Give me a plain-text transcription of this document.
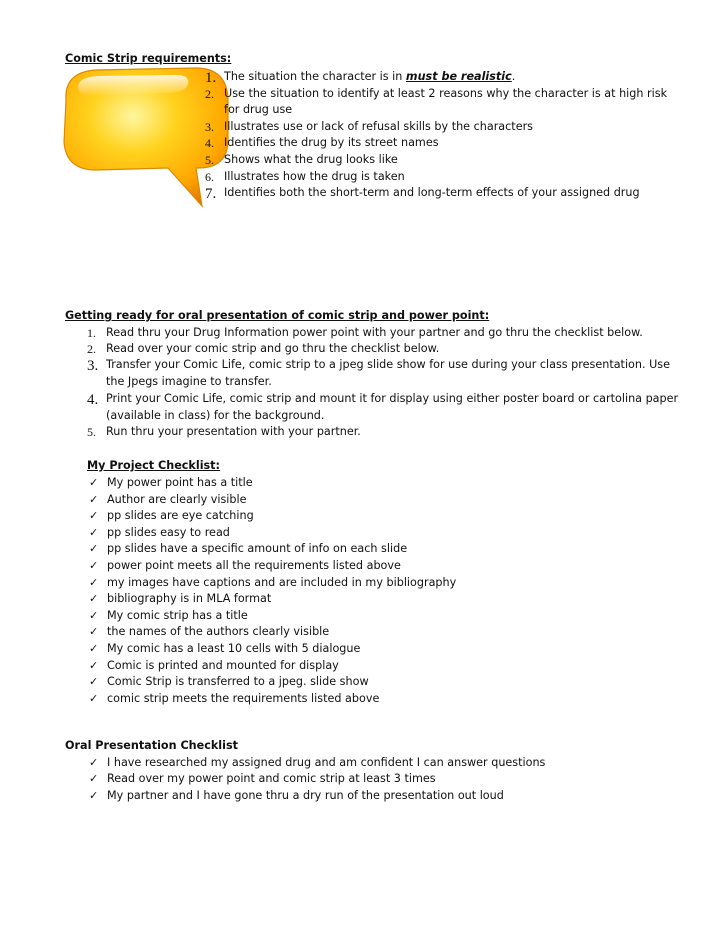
Comic Strip requirements:
1. The situation the character is in must be realistic.
2. Use the situation to identify at least 2 reasons why the character is at high risk
for drug use
3. Illustrates use or lack of refusal skills by the characters
4. Identifies the drug by its street names
5. Shows what the drug looks like
6. Illustrates how the drug is taken
7. Identifies both the short-term and long-term effects of your assigned drug
Getting ready for oral presentation of comic strip and power point:
1. Read thru your Drug Information power point with your partner and go thru the checklist below.
2. Read over your comic strip and go thru the checklist below.
3. Transfer your Comic Life, comic strip to a jpeg slide show for use during your class presentation. Use
the Jpegs imagine to transfer.
4. Print your Comic Life, comic strip and mount it for display using either poster board or cartolina paper
(available in class) for the background.
5. Run thru your presentation with your partner.
My Project Checklist:
✓ My power point has a title
✓ Author are clearly visible
✓ pp slides are eye catching
✓ pp slides easy to read
✓ pp slides have a specific amount of info on each slide
✓ power point meets all the requirements listed above
✓ my images have captions and are included in my bibliography
✓ bibliography is in MLA format
✓ My comic strip has a title
✓ the names of the authors clearly visible
✓ My comic has a least 10 cells with 5 dialogue
✓ Comic is printed and mounted for display
✓ Comic Strip is transferred to a jpeg. slide show
✓ comic strip meets the requirements listed above
Oral Presentation Checklist
✓ I have researched my assigned drug and am confident I can answer questions
✓ Read over my power point and comic strip at least 3 times
✓ My partner and I have gone thru a dry run of the presentation out loud
